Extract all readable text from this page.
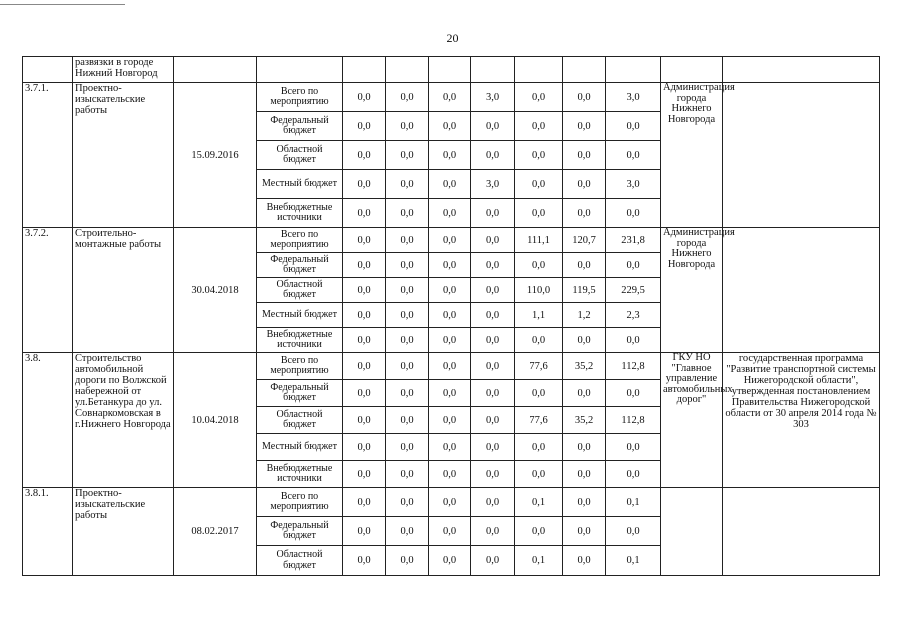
20
	развязки в городе Нижний Новгород											
3.7.1.	Проектно-изыскательские работы	15.09.2016	Всего по мероприятию	0,0	0,0	0,0	3,0	0,0	0,0	3,0	Администрация города Нижнего Новгорода	
			Федеральный бюджет	0,0	0,0	0,0	0,0	0,0	0,0	0,0		
			Областной бюджет	0,0	0,0	0,0	0,0	0,0	0,0	0,0		
			Местный бюджет	0,0	0,0	0,0	3,0	0,0	0,0	3,0		
			Внебюджетные источники	0,0	0,0	0,0	0,0	0,0	0,0	0,0		
3.7.2.	Строительно-монтажные работы	30.04.2018	Всего по мероприятию	0,0	0,0	0,0	0,0	111,1	120,7	231,8	Администрация города Нижнего Новгорода	
			Федеральный бюджет	0,0	0,0	0,0	0,0	0,0	0,0	0,0		
			Областной бюджет	0,0	0,0	0,0	0,0	110,0	119,5	229,5		
			Местный бюджет	0,0	0,0	0,0	0,0	1,1	1,2	2,3		
			Внебюджетные источники	0,0	0,0	0,0	0,0	0,0	0,0	0,0		
3.8.	Строительство автомобильной дороги по Волжской набережной от ул.Бетанкура до ул. Совнаркомовская в г.Нижнего Новгорода	10.04.2018	Всего по мероприятию	0,0	0,0	0,0	0,0	77,6	35,2	112,8	ГКУ НО "Главное управление автомобильных дорог"	государственная программа "Развитие транспортной системы Нижегородской области", утвержденная постановлением Правительства Нижегородской области от 30 апреля 2014 года № 303
			Федеральный бюджет	0,0	0,0	0,0	0,0	0,0	0,0	0,0		
			Областной бюджет	0,0	0,0	0,0	0,0	77,6	35,2	112,8		
			Местный бюджет	0,0	0,0	0,0	0,0	0,0	0,0	0,0		
			Внебюджетные источники	0,0	0,0	0,0	0,0	0,0	0,0	0,0		
3.8.1.	Проектно-изыскательские работы	08.02.2017	Всего по мероприятию	0,0	0,0	0,0	0,0	0,1	0,0	0,1		
			Федеральный бюджет	0,0	0,0	0,0	0,0	0,0	0,0	0,0		
			Областной бюджет	0,0	0,0	0,0	0,0	0,1	0,0	0,1		
